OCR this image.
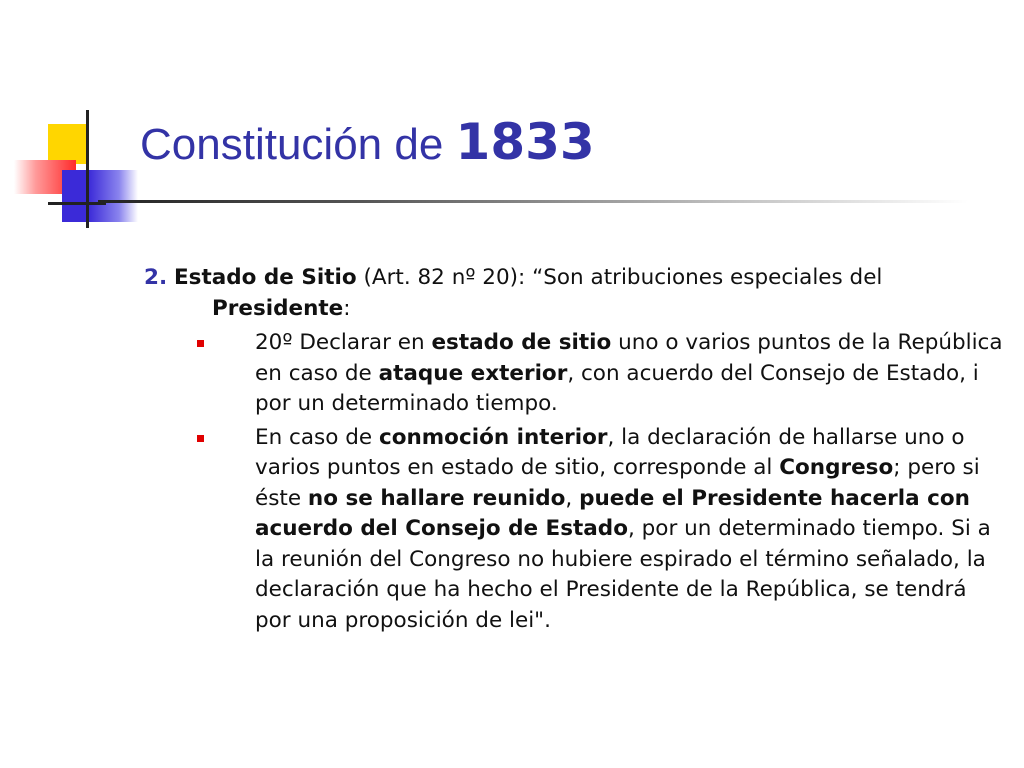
Constitución de 1833

2. Estado de Sitio (Art. 82 nº 20): “Son atribuciones especiales del Presidente:

20º Declarar en estado de sitio uno o varios puntos de la República en caso de ataque exterior, con acuerdo del Consejo de Estado, i por un determinado tiempo.
En caso de conmoción interior, la declaración de hallarse uno o varios puntos en estado de sitio, corresponde al Congreso; pero si éste no se hallare reunido, puede el Presidente hacerla con acuerdo del Consejo de Estado, por un determinado tiempo. Si a la reunión del Congreso no hubiere espirado el término señalado, la declaración que ha hecho el Presidente de la República, se tendrá por una proposición de lei".
